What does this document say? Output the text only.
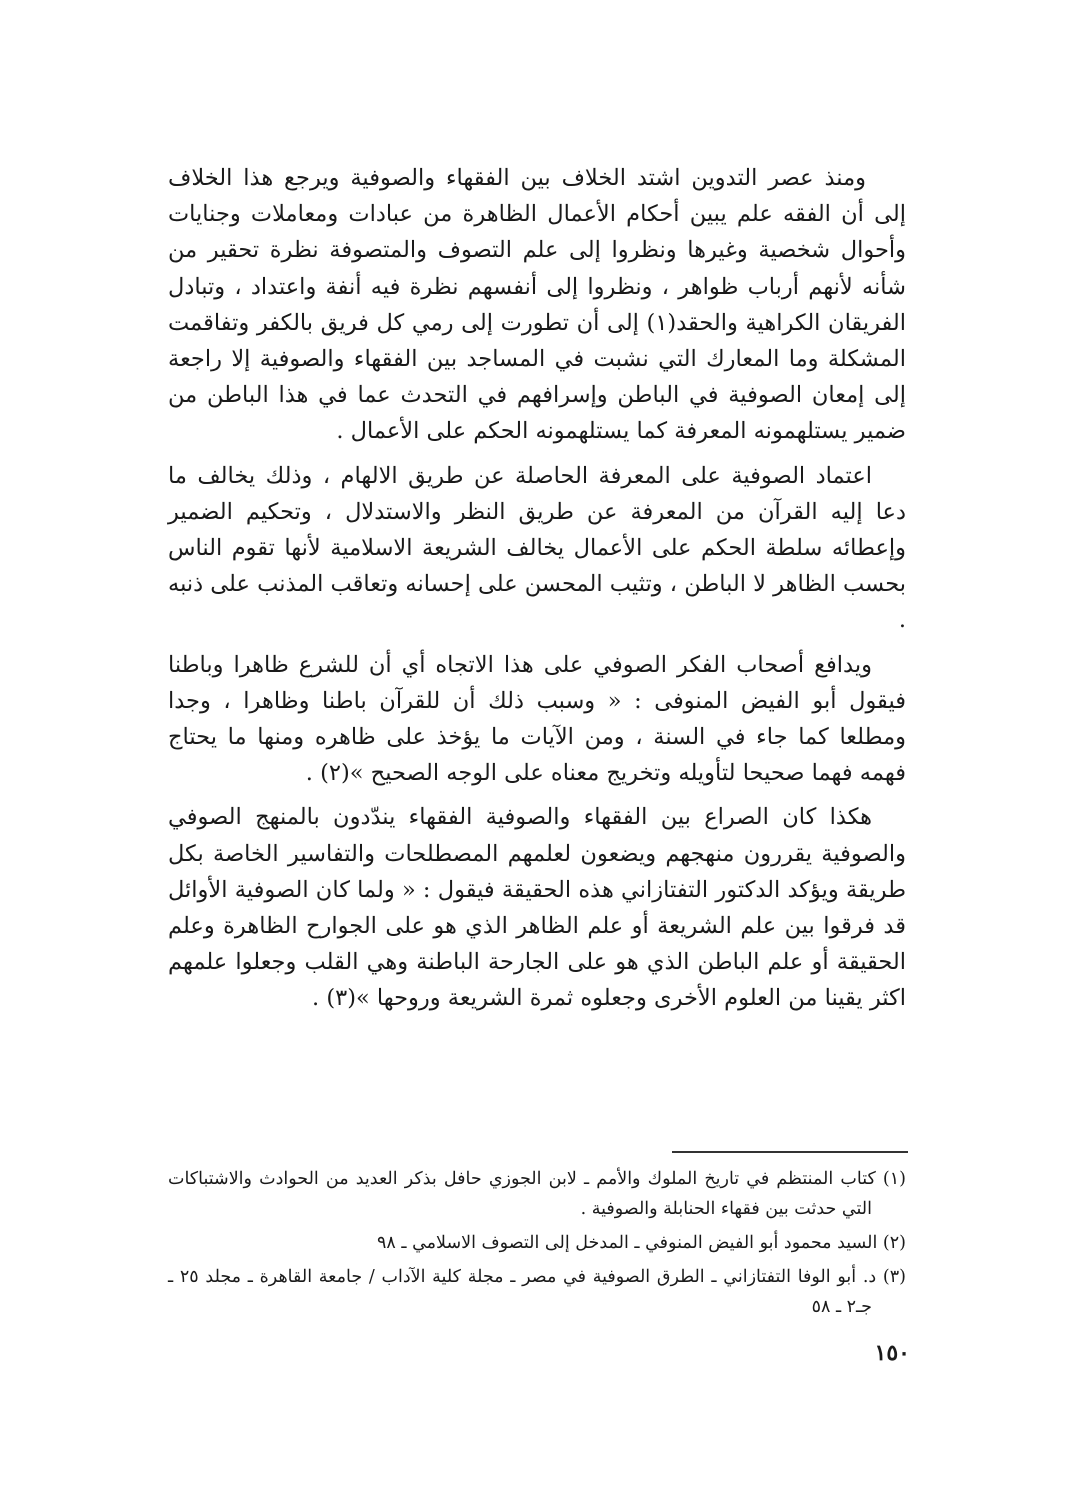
ومنذ عصر التدوين اشتد الخلاف بين الفقهاء والصوفية ويرجع هذا الخلاف إلى أن الفقه علم يبين أحكام الأعمال الظاهرة من عبادات ومعاملات وجنايات وأحوال شخصية وغيرها ونظروا إلى علم التصوف والمتصوفة نظرة تحقير من شأنه لأنهم أرباب ظواهر ، ونظروا إلى أنفسهم نظرة فيه أنفة واعتداد ، وتبادل الفريقان الكراهية والحقد(١) إلى أن تطورت إلى رمي كل فريق بالكفر وتفاقمت المشكلة وما المعارك التي نشبت في المساجد بين الفقهاء والصوفية إلا راجعة إلى إمعان الصوفية في الباطن وإسرافهم في التحدث عما في هذا الباطن من ضمير يستلهمونه المعرفة كما يستلهمونه الحكم على الأعمال .

اعتماد الصوفية على المعرفة الحاصلة عن طريق الالهام ، وذلك يخالف ما دعا إليه القرآن من المعرفة عن طريق النظر والاستدلال ، وتحكيم الضمير وإعطائه سلطة الحكم على الأعمال يخالف الشريعة الاسلامية لأنها تقوم الناس بحسب الظاهر لا الباطن ، وتثيب المحسن على إحسانه وتعاقب المذنب على ذنبه .

ويدافع أصحاب الفكر الصوفي على هذا الاتجاه أي أن للشرع ظاهرا وباطنا فيقول أبو الفيض المنوفى : « وسبب ذلك أن للقرآن باطنا وظاهرا ، وجدا ومطلعا كما جاء في السنة ، ومن الآيات ما يؤخذ على ظاهره ومنها ما يحتاج فهمه فهما صحيحا لتأويله وتخريج معناه على الوجه الصحيح »(٢) .

هكذا كان الصراع بين الفقهاء والصوفية الفقهاء يندّدون بالمنهج الصوفي والصوفية يقررون منهجهم ويضعون لعلمهم المصطلحات والتفاسير الخاصة بكل طريقة ويؤكد الدكتور التفتازاني هذه الحقيقة فيقول : « ولما كان الصوفية الأوائل قد فرقوا بين علم الشريعة أو علم الظاهر الذي هو على الجوارح الظاهرة وعلم الحقيقة أو علم الباطن الذي هو على الجارحة الباطنة وهي القلب وجعلوا علمهم اكثر يقينا من العلوم الأخرى وجعلوه ثمرة الشريعة وروحها »(٣) .

(١) كتاب المنتظم في تاريخ الملوك والأمم ـ لابن الجوزي حافل بذكر العديد من الحوادث والاشتباكات التي حدثت بين فقهاء الحنابلة والصوفية .

(٢) السيد محمود أبو الفيض المنوفي ـ المدخل إلى التصوف الاسلامي ـ ٩٨

(٣) د. أبو الوفا التفتازاني ـ الطرق الصوفية في مصر ـ مجلة كلية الآداب / جامعة القاهرة ـ مجلد ٢٥ ـ جـ٢ ـ ٥٨

١٥٠
